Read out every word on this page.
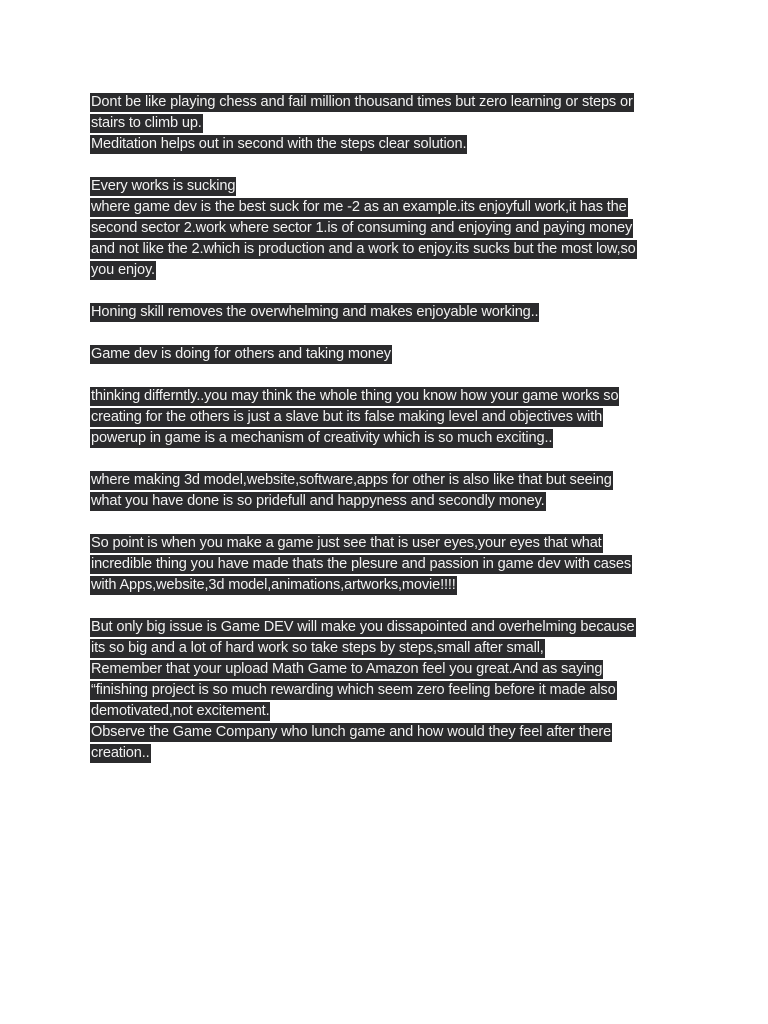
Dont be like playing chess and fail million thousand times but zero learning or steps or
stairs to climb up.
Meditation helps out in second with the steps clear solution.
Every works is sucking
where game dev is the best suck for me -2 as an example.its enjoyfull work,it has the
second sector 2.work where sector 1.is of consuming and enjoying and paying money
and not like the 2.which is production and a work to enjoy.its sucks but the most low,so
you enjoy.
Honing skill removes the overwhelming and makes enjoyable working..
Game dev is doing for others and taking money
thinking differntly..you may think the whole thing you know how your game works so
creating for the others is just a slave but its false making level and objectives with
powerup in game is a mechanism of creativity which is so much exciting..
where making 3d model,website,software,apps for other is also like that but seeing
what you have done is so pridefull and happyness and secondly money.
So point is when you make a game just see that is user eyes,your eyes that what
incredible thing you have made thats the plesure and passion in game dev with cases
with Apps,website,3d model,animations,artworks,movie!!!!
But only big issue is Game DEV will make you dissapointed and overhelming because
its so big and a lot of hard work so take steps by steps,small after small,
Remember that your upload Math Game to Amazon feel you great.And as saying
“finishing project is so much rewarding which seem zero feeling before it made also
demotivated,not excitement.
Observe the Game Company who lunch game and how would they feel after there
creation..
